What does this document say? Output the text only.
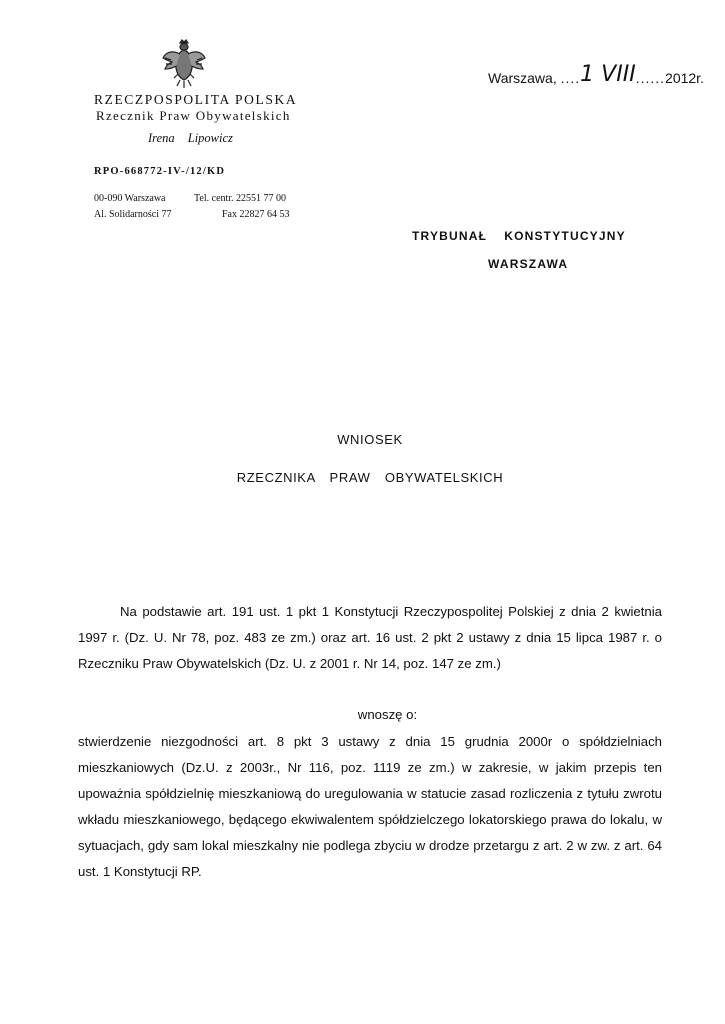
RZECZPOSPOLITA POLSKA
Rzecznik Praw Obywatelskich
Irena Lipowicz
RPO-668772-IV-/12/KD
00-090 Warszawa
Al. Solidarności 77
Tel. centr. 22551 77 00
Fax 22827 64 53
Warszawa, ....1 VIII......2012r.
TRYBUNAŁ  KONSTYTUCYJNY
WARSZAWA
WNIOSEK
RZECZNIKA  PRAW  OBYWATELSKICH
Na podstawie art. 191 ust. 1 pkt 1 Konstytucji Rzeczypospolitej Polskiej z dnia 2 kwietnia 1997 r. (Dz. U. Nr 78, poz. 483 ze zm.) oraz art. 16 ust. 2 pkt 2 ustawy z dnia 15 lipca 1987 r. o Rzeczniku Praw Obywatelskich (Dz. U. z 2001 r. Nr 14, poz. 147 ze zm.)
wnoszę o:
stwierdzenie niezgodności art. 8 pkt 3 ustawy z dnia 15 grudnia 2000r o spółdzielniach mieszkaniowych (Dz.U. z 2003r., Nr 116, poz. 1119 ze zm.) w zakresie, w jakim przepis ten upoważnia spółdzielnię mieszkaniową do uregulowania w statucie zasad rozliczenia z tytułu zwrotu wkładu mieszkaniowego, będącego ekwiwalentem spółdzielczego lokatorskiego prawa do lokalu, w sytuacjach, gdy sam lokal mieszkalny nie podlega zbyciu w drodze przetargu z art. 2 w zw. z art. 64 ust. 1 Konstytucji RP.
